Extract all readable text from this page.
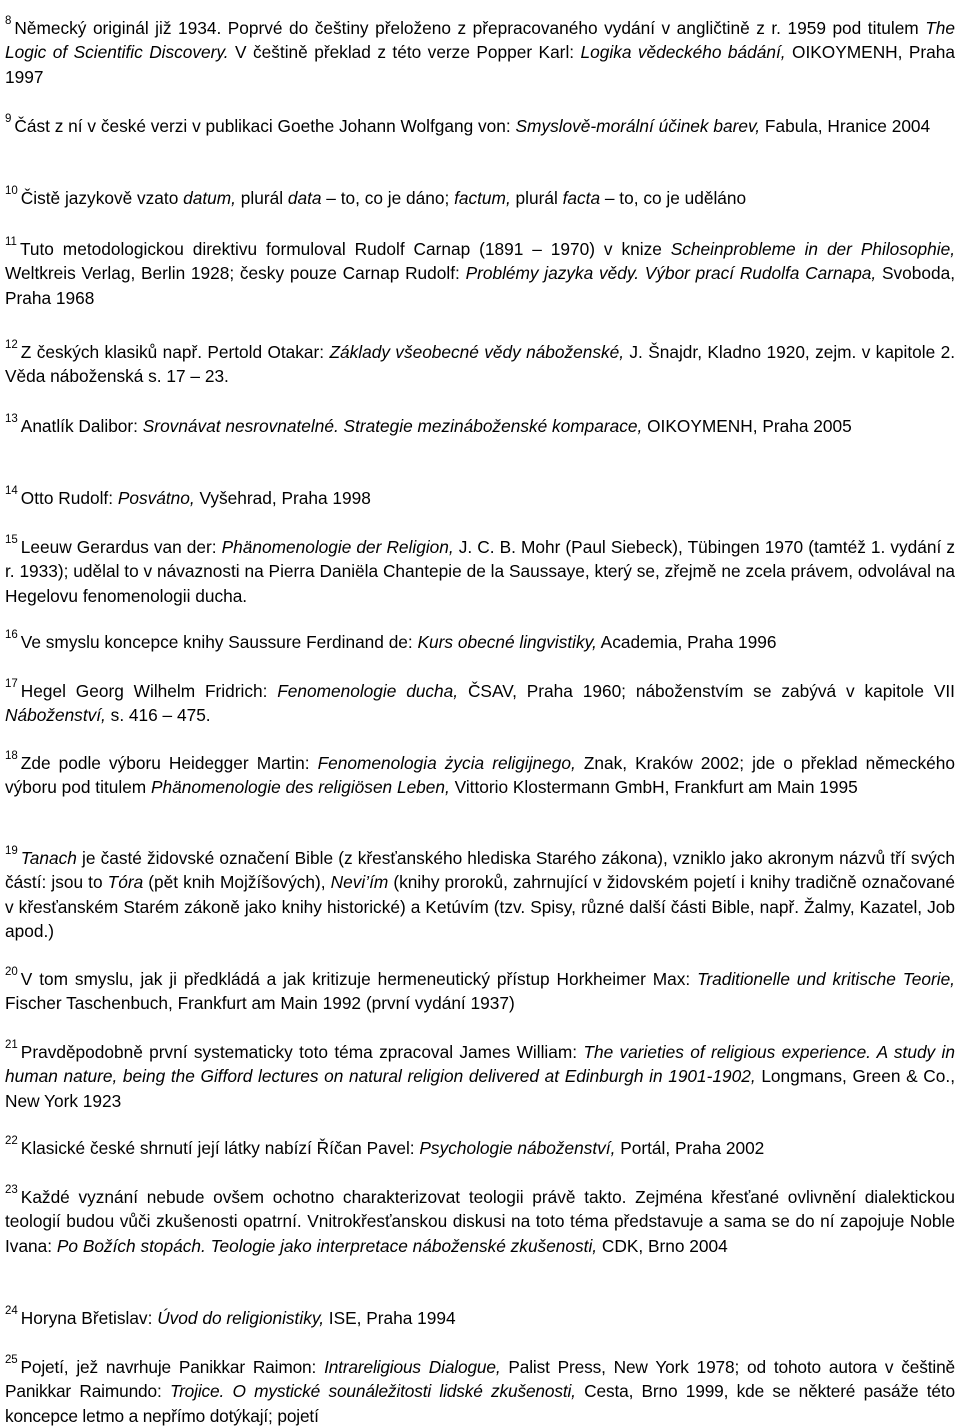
$^8$ Německý originál již 1934. Poprvé do češtiny přeloženo z přepracovaného vydání v angličtině z r. 1959 pod titulem The Logic of Scientific Discovery. V češtině překlad z této verze Popper Karl: Logika vědeckého bádání, OIKOYMENH, Praha 1997
$^9$ Část z ní v české verzi v publikaci Goethe Johann Wolfgang von: Smyslově-morální účinek barev, Fabula, Hranice 2004
$^{10}$ Čistě jazykově vzato datum, plurál data – to, co je dáno; factum, plurál facta – to, co je uděláno
$^{11}$ Tuto metodologickou direktivu formuloval Rudolf Carnap (1891 – 1970) v knize Scheinprobleme in der Philosophie, Weltkreis Verlag, Berlin 1928; česky pouze Carnap Rudolf: Problémy jazyka vědy. Výbor prací Rudolfa Carnapa, Svoboda, Praha 1968
$^{12}$ Z českých klasiků např. Pertold Otakar: Základy všeobecné vědy náboženské, J. Šnajdr, Kladno 1920, zejm. v kapitole 2. Věda náboženská s. 17 – 23.
$^{13}$ Anatlík Dalibor: Srovnávat nesrovnatelné. Strategie mezináboženské komparace, OIKOYMENH, Praha 2005
$^{14}$ Otto Rudolf: Posvátno, Vyšehrad, Praha 1998
$^{15}$ Leeuw Gerardus van der: Phänomenologie der Religion, J. C. B. Mohr (Paul Siebeck), Tübingen 1970 (tamtéž 1. vydání z r. 1933); udělal to v návaznosti na Pierra Daniëla Chantepie de la Saussaye, který se, zřejmě ne zcela právem, odvolával na Hegelovu fenomenologii ducha.
$^{16}$ Ve smyslu koncepce knihy Saussure Ferdinand de: Kurs obecné lingvistiky, Academia, Praha 1996
$^{17}$ Hegel Georg Wilhelm Fridrich: Fenomenologie ducha, ČSAV, Praha 1960; náboženstvím se zabývá v kapitole VII Náboženství, s. 416 – 475.
$^{18}$ Zde podle výboru Heidegger Martin: Fenomenologia życia religijnego, Znak, Kraków 2002; jde o překlad německého výboru pod titulem Phänomenologie des religiösen Leben, Vittorio Klostermann GmbH, Frankfurt am Main 1995
$^{19}$ Tanach je časté židovské označení Bible (z křesťanského hlediska Starého zákona), vzniklo jako akronym názvů tří svých částí: jsou to Tóra (pět knih Mojžíšových), Nevi’ím (knihy proroků, zahrnující v židovském pojetí i knihy tradičně označované v křesťanském Starém zákoně jako knihy historické) a Ketúvím (tzv. Spisy, různé další části Bible, např. Žalmy, Kazatel, Job apod.)
$^{20}$ V tom smyslu, jak ji předkládá a jak kritizuje hermeneutický přístup Horkheimer Max: Traditionelle und kritische Teorie, Fischer Taschenbuch, Frankfurt am Main 1992 (první vydání 1937)
$^{21}$ Pravděpodobně první systematicky toto téma zpracoval James William: The varieties of religious experience. A study in human nature, being the Gifford lectures on natural religion delivered at Edinburgh in 1901-1902, Longmans, Green & Co., New York 1923
$^{22}$ Klasické české shrnutí její látky nabízí Říčan Pavel: Psychologie náboženství, Portál, Praha 2002
$^{23}$ Každé vyznání nebude ovšem ochotno charakterizovat teologii právě takto. Zejména křesťané ovlivnění dialektickou teologií budou vůči zkušenosti opatrní. Vnitrokřesťanskou diskusi na toto téma představuje a sama se do ní zapojuje Noble Ivana: Po Božích stopách. Teologie jako interpretace náboženské zkušenosti, CDK, Brno 2004
$^{24}$ Horyna Břetislav: Úvod do religionistiky, ISE, Praha 1994
$^{25}$ Pojetí, jež navrhuje Panikkar Raimon: Intrareligious Dialogue, Palist Press, New York 1978; od tohoto autora v češtině Panikkar Raimundo: Trojice. O mystické sounáležitosti lidské zkušenosti, Cesta, Brno 1999, kde se některé pasáže této koncepce letmo a nepřímo dotýkají; pojetí
